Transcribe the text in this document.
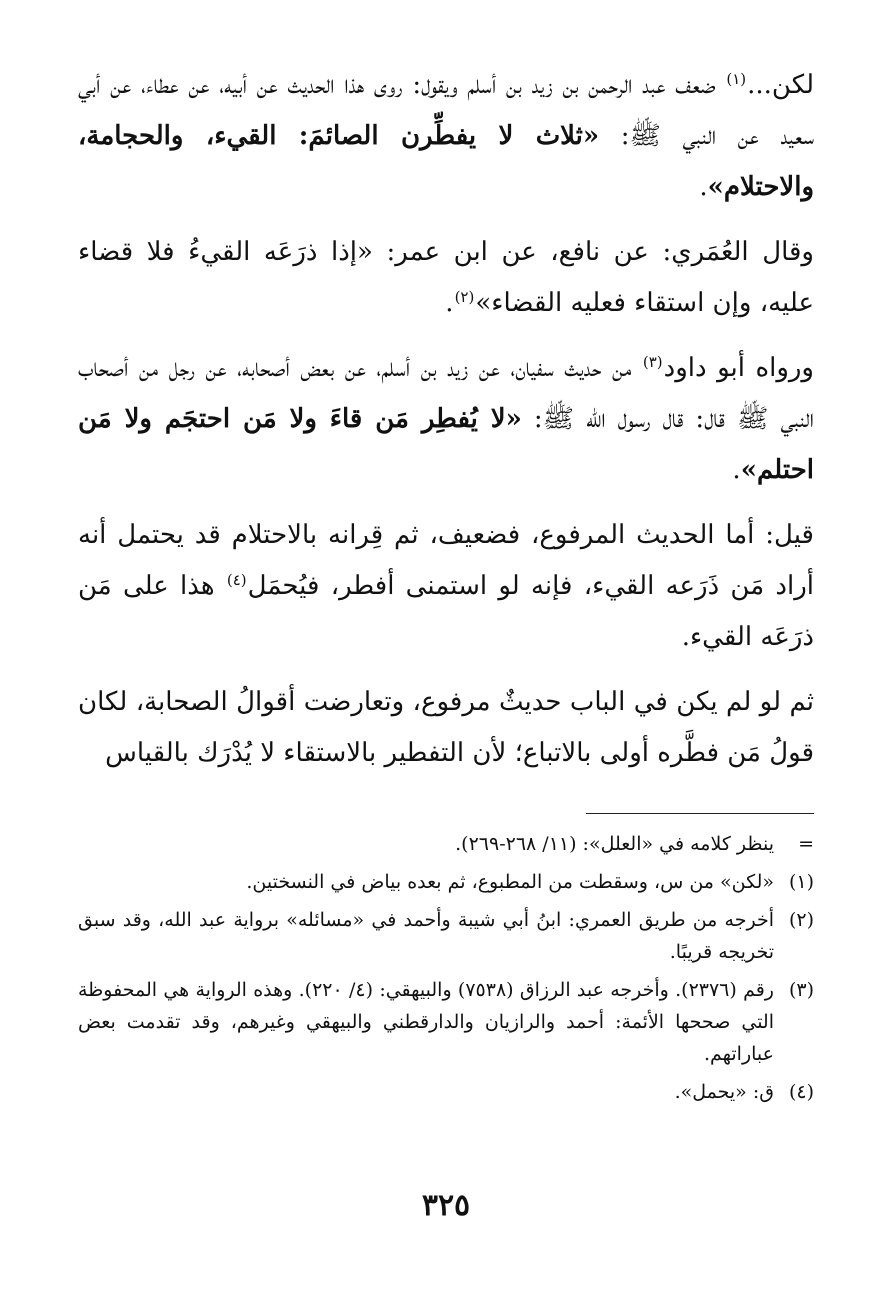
لكن...$^{(١)}$ ضعف عبد الرحمن بن زيد بن أسلم ويقول: روى هذا الحديث عن أبيه، عن عطاء، عن أبي سعيد عن النبي ﷺ: «ثلاث لا يفطِّرن الصائمَ: القيء، والحجامة، والاحتلام».

وقال العُمَري: عن نافع، عن ابن عمر: «إذا ذرَعَه القيءُ فلا قضاء عليه، وإن استقاء فعليه القضاء»$^{(٢)}$.

ورواه أبو داود$^{(٣)}$ من حديث سفيان، عن زيد بن أسلم، عن بعض أصحابه، عن رجل من أصحاب النبي ﷺ قال: قال رسول الله ﷺ: «لا يُفطِر مَن قاءَ ولا مَن احتجَم ولا مَن احتلم».

قيل: أما الحديث المرفوع، فضعيف، ثم قِرانه بالاحتلام قد يحتمل أنه أراد مَن ذَرَعه القيء، فإنه لو استمنى أفطر، فيُحمَل$^{(٤)}$ هذا على مَن ذرَعَه القيء.

ثم لو لم يكن في الباب حديثٌ مرفوع، وتعارضت أقوالُ الصحابة، لكان قولُ مَن فطَّره أولى بالاتباع؛ لأن التفطير بالاستقاء لا يُدْرَك بالقياس

=
ينظر كلامه في «العلل»: (١١/ ٢٦٨-٢٦٩).
(١)
«لكن» من س، وسقطت من المطبوع، ثم بعده بياض في النسختين.
(٢)
أخرجه من طريق العمري: ابنُ أبي شيبة وأحمد في «مسائله» برواية عبد الله، وقد سبق تخريجه قريبًا.
(٣)
رقم (٢٣٧٦). وأخرجه عبد الرزاق (٧٥٣٨) والبيهقي: (٤/ ٢٢٠). وهذه الرواية هي المحفوظة التي صححها الأئمة: أحمد والرازيان والدارقطني والبيهقي وغيرهم، وقد تقدمت بعض عباراتهم.
(٤)
ق: «يحمل».
٣٢٥
